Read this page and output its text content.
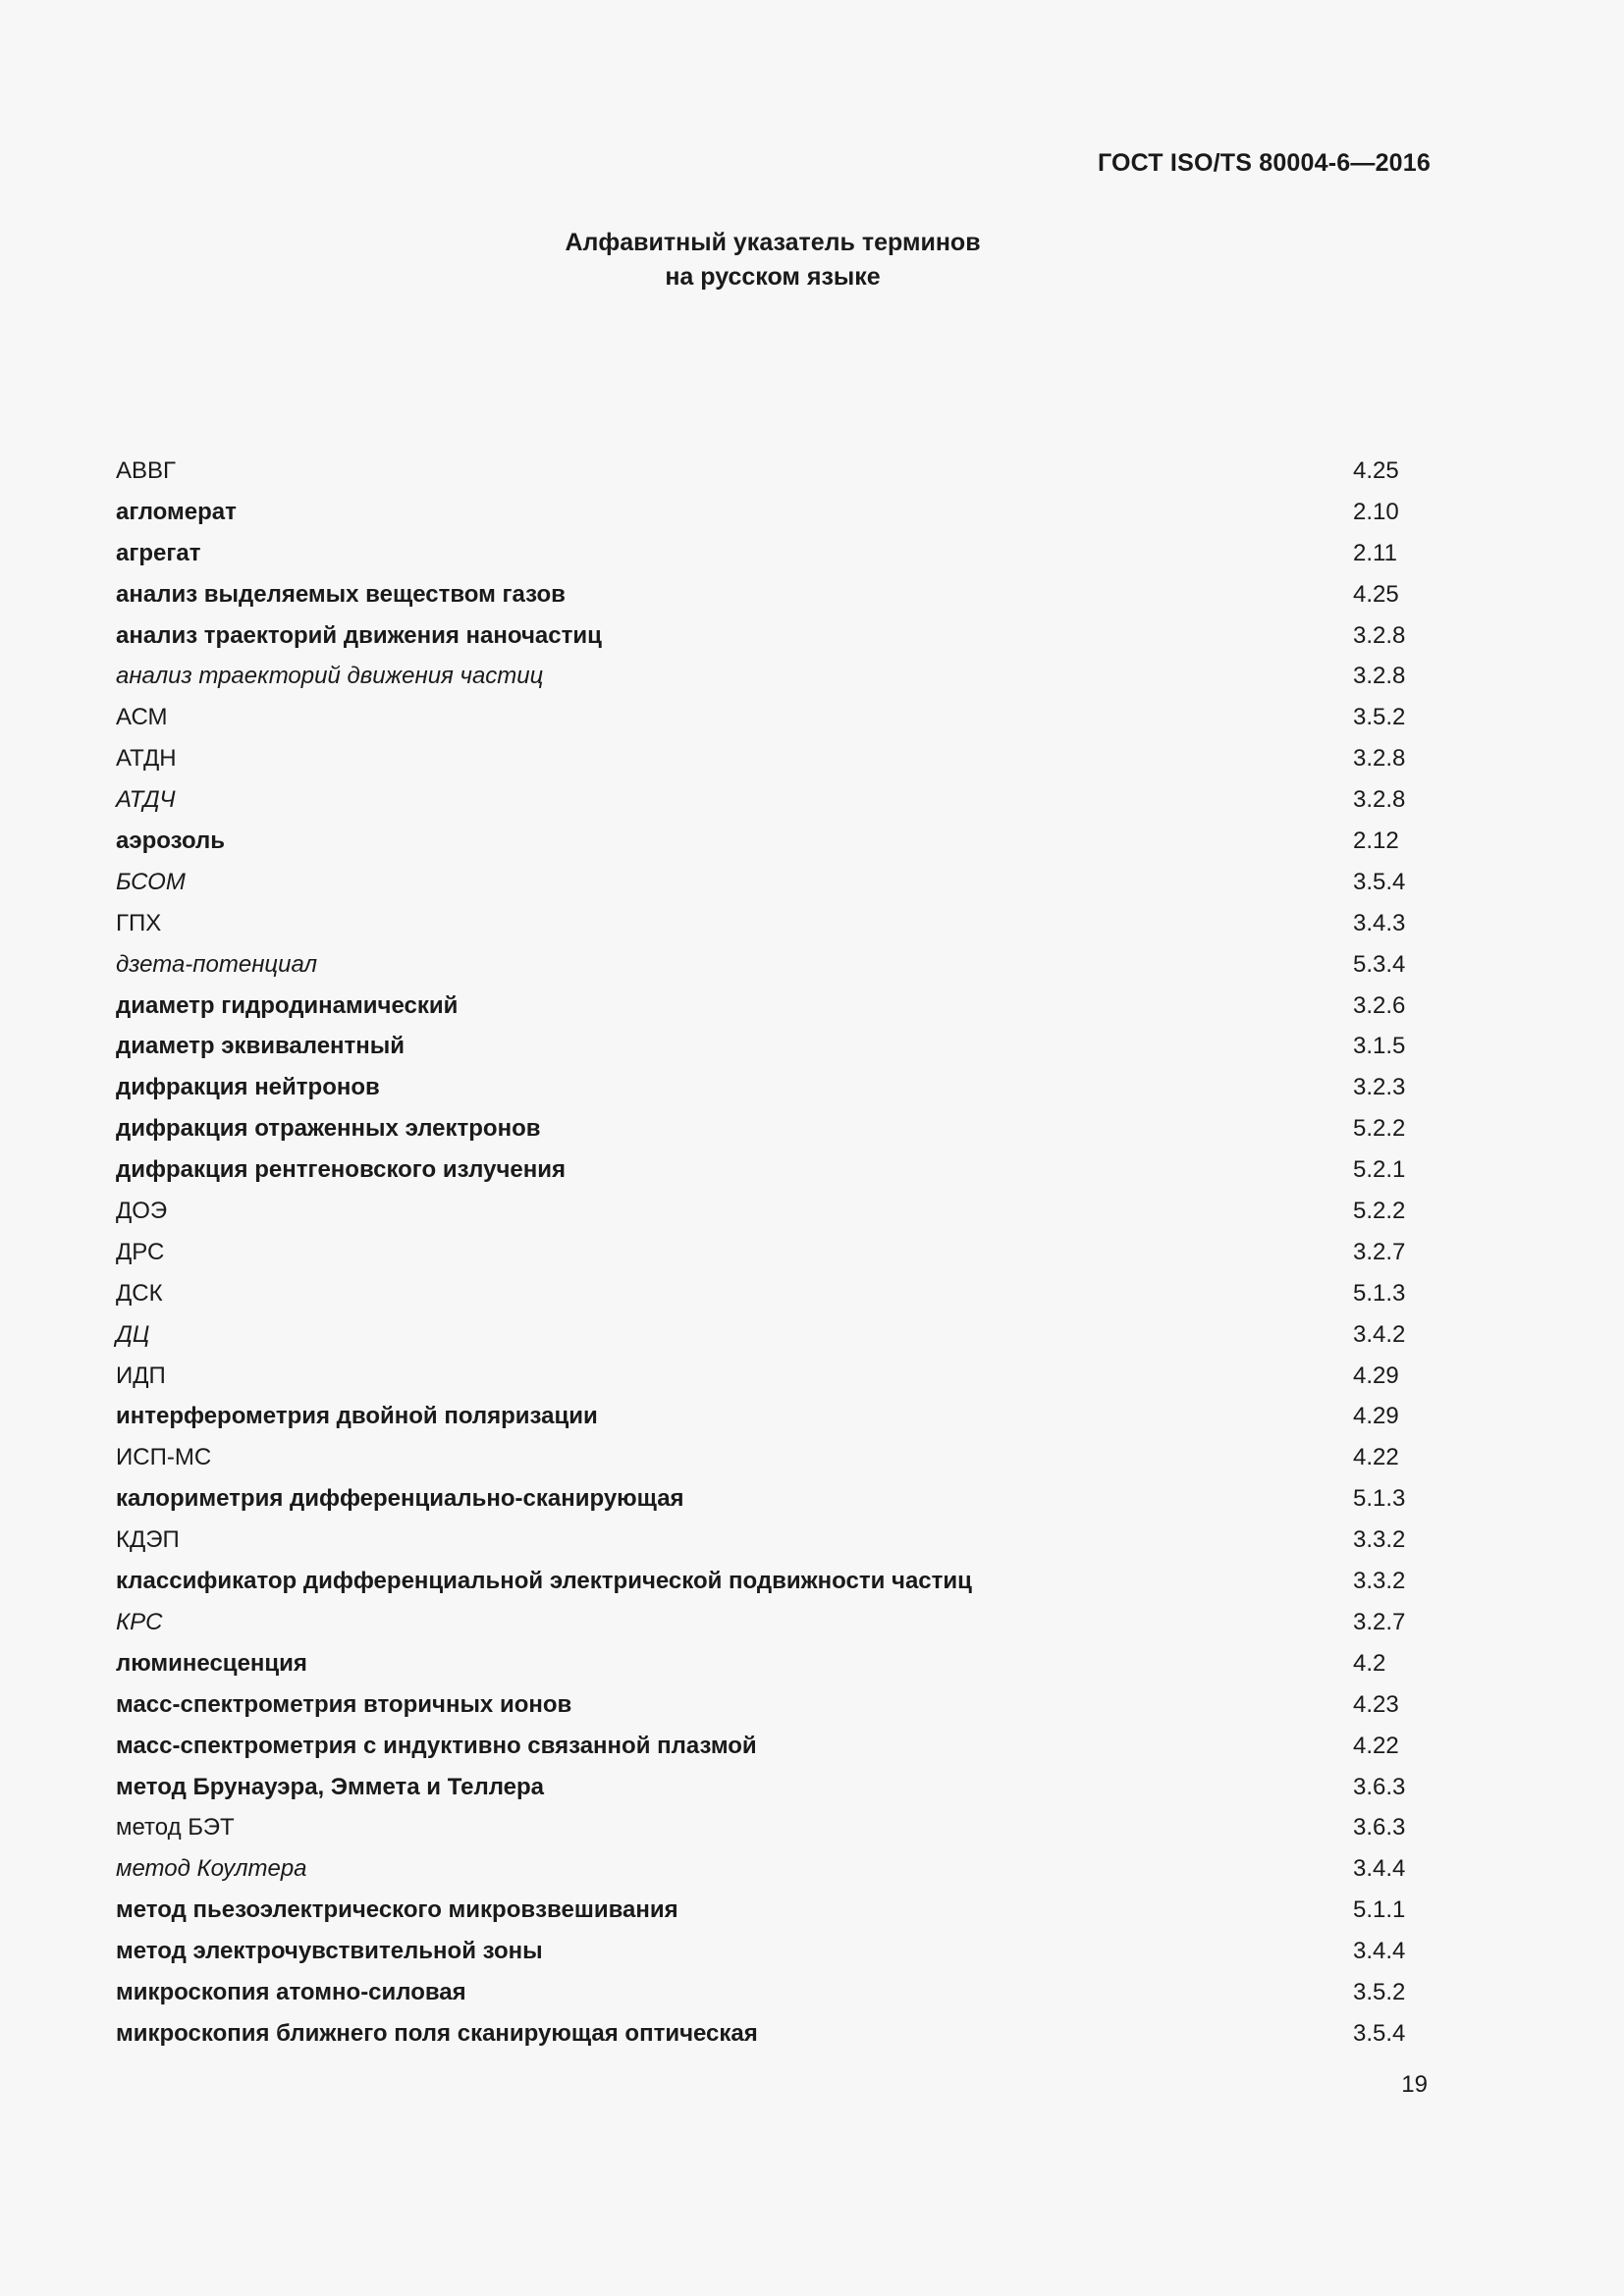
ГОСТ ISO/TS 80004-6—2016
Алфавитный указатель терминов
на русском языке
АВВГ	4.25
агломерат	2.10
агрегат	2.11
анализ выделяемых веществом газов	4.25
анализ траекторий движения наночастиц	3.2.8
анализ траекторий движения частиц	3.2.8
АСМ	3.5.2
АТДН	3.2.8
АТДЧ	3.2.8
аэрозоль	2.12
БСОМ	3.5.4
ГПХ	3.4.3
дзета-потенциал	5.3.4
диаметр гидродинамический	3.2.6
диаметр эквивалентный	3.1.5
дифракция нейтронов	3.2.3
дифракция отраженных электронов	5.2.2
дифракция рентгеновского излучения	5.2.1
ДОЭ	5.2.2
ДРС	3.2.7
ДСК	5.1.3
ДЦ	3.4.2
ИДП	4.29
интерферометрия двойной поляризации	4.29
ИСП-МС	4.22
калориметрия дифференциально-сканирующая	5.1.3
КДЭП	3.3.2
классификатор дифференциальной электрической подвижности частиц	3.3.2
КРС	3.2.7
люминесценция	4.2
масс-спектрометрия вторичных ионов	4.23
масс-спектрометрия с индуктивно связанной плазмой	4.22
метод Брунауэра, Эммета и Теллера	3.6.3
метод БЭТ	3.6.3
метод Коултера	3.4.4
метод пьезоэлектрического микровзвешивания	5.1.1
метод электрочувствительной зоны	3.4.4
микроскопия атомно-силовая	3.5.2
микроскопия ближнего поля сканирующая оптическая	3.5.4
19
